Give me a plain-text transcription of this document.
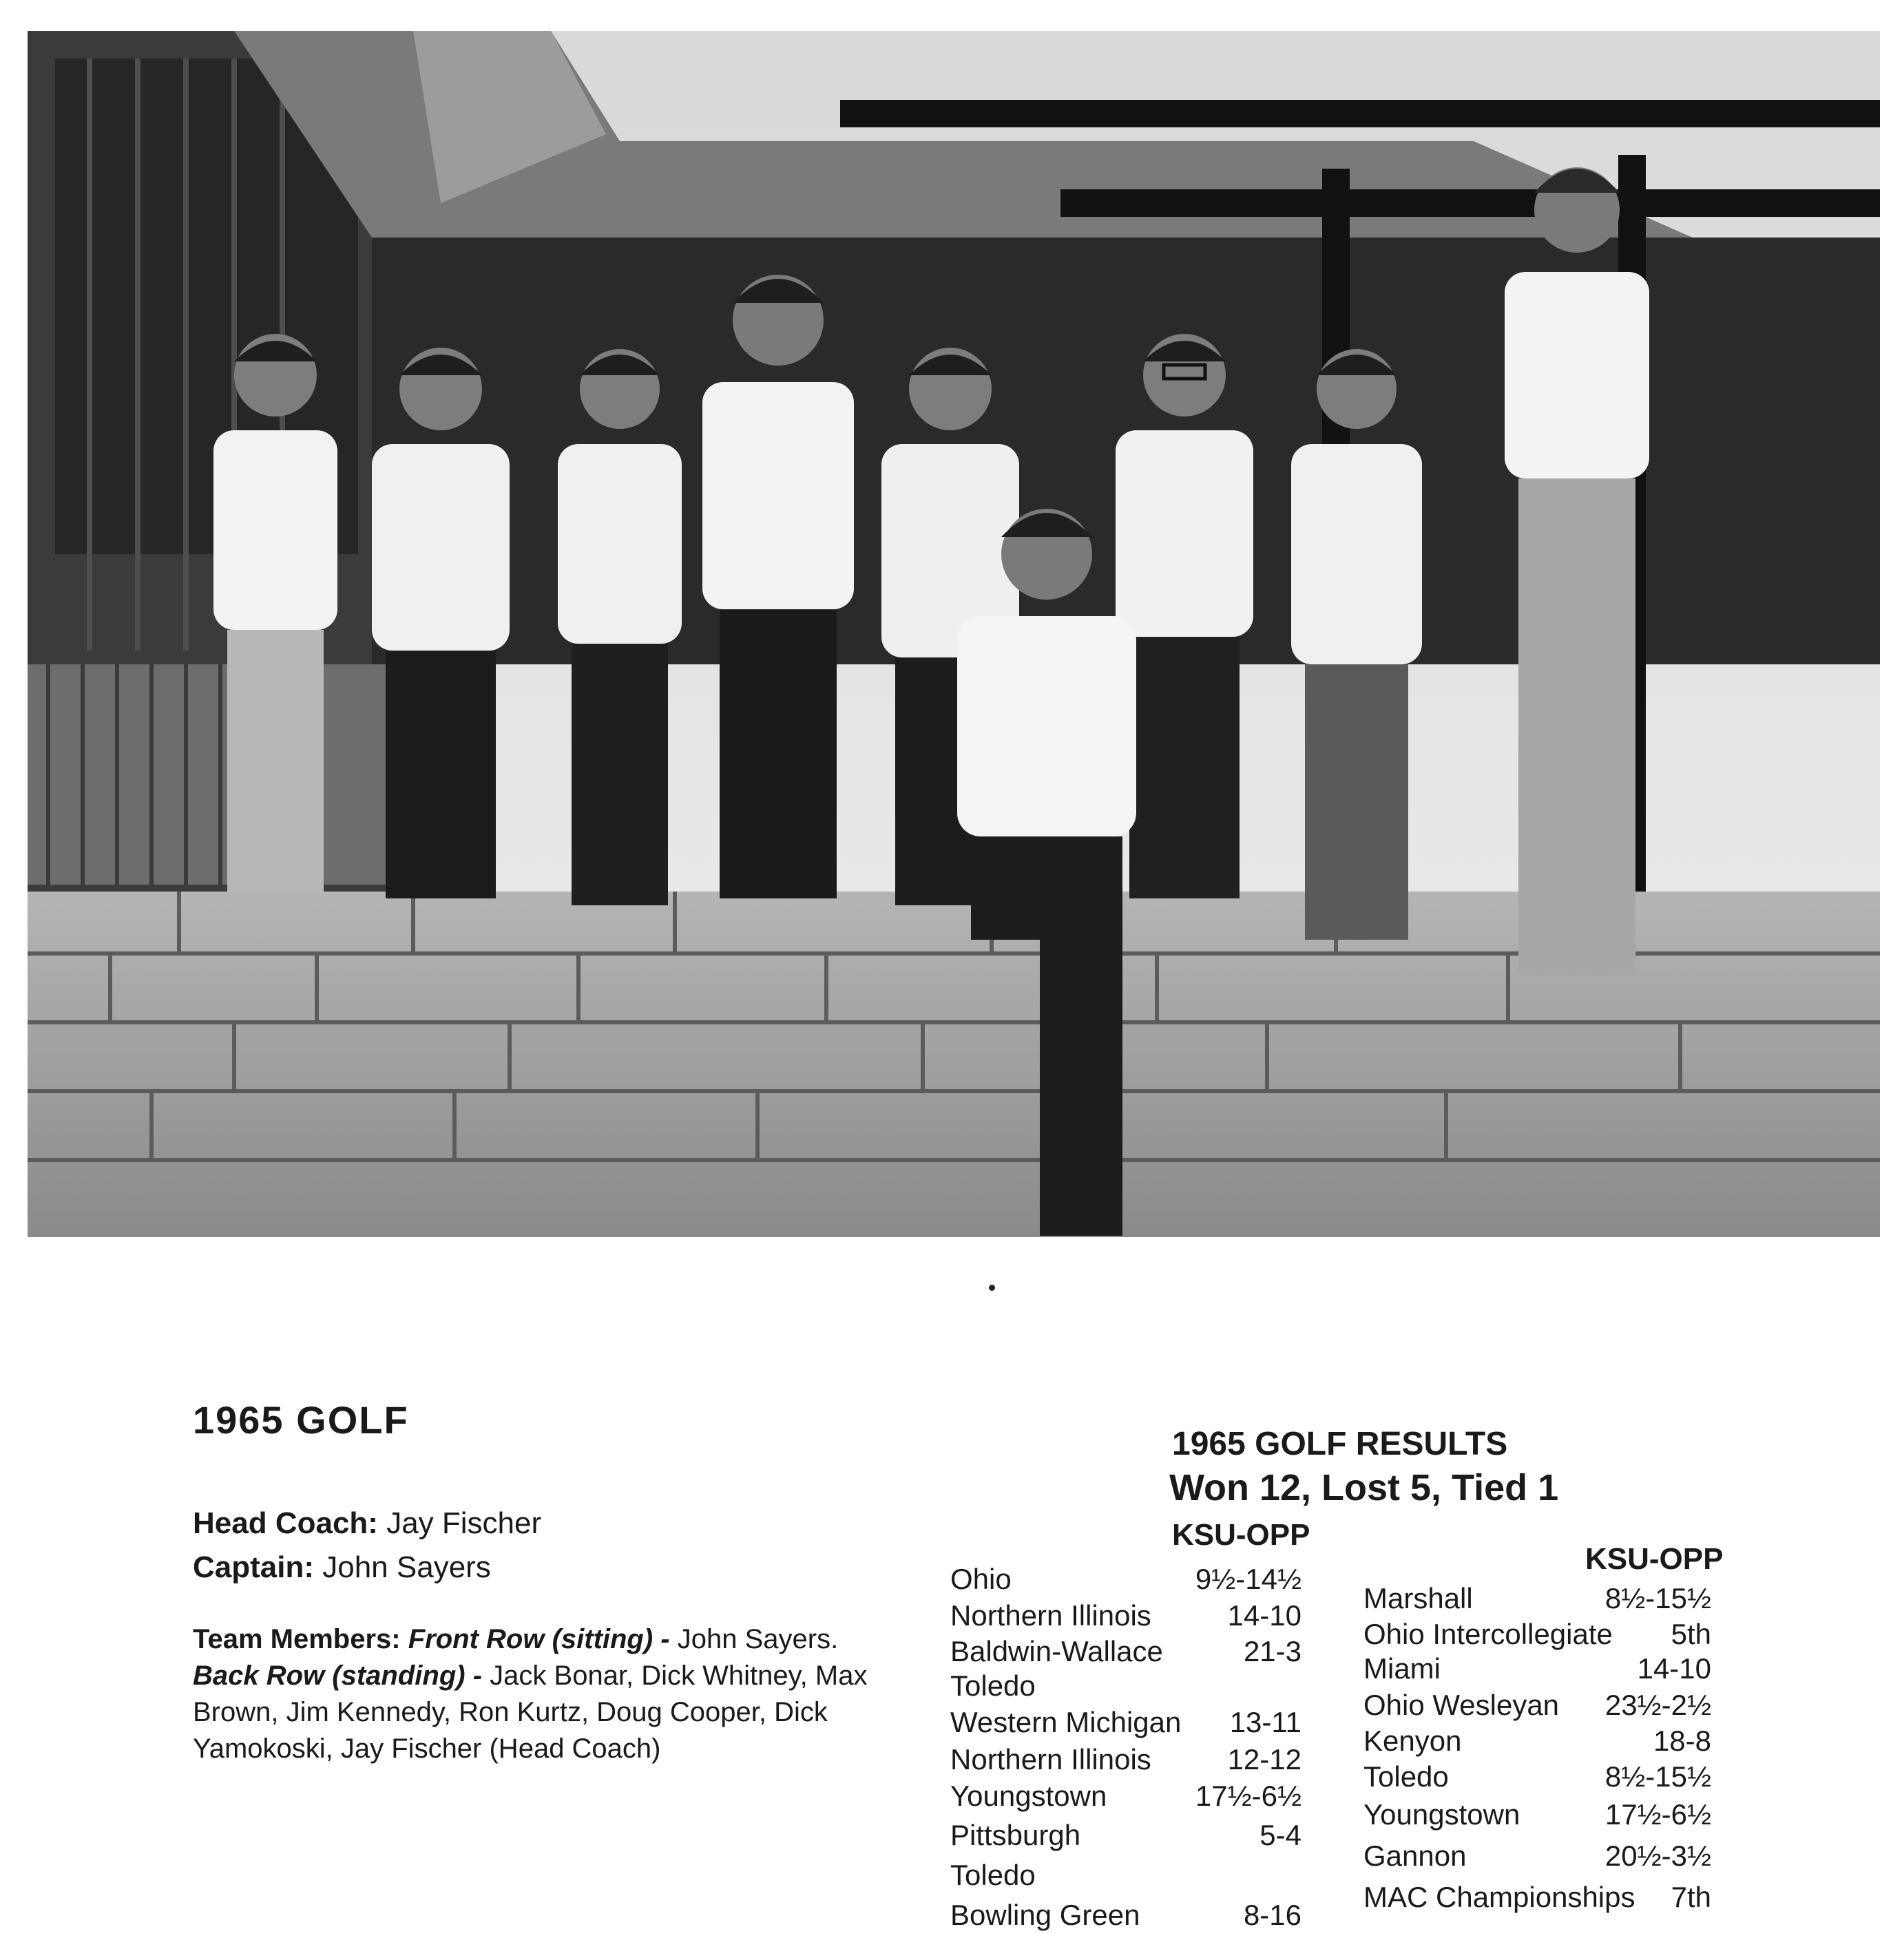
1965 GOLF
Head Coach: Jay Fischer
Captain: John Sayers
Team Members: Front Row (sitting) - John Sayers. Back Row (standing) - Jack Bonar, Dick Whitney, Max Brown, Jim Kennedy, Ron Kurtz, Doug Cooper, Dick Yamokoski, Jay Fischer (Head Coach)
1965 GOLF RESULTS
Won 12, Lost 5, Tied 1
KSU-OPP
KSU-OPP
Ohio	9½-14½
Northern Illinois	14-10
Baldwin-Wallace	21-3
Toledo
Western Michigan 13-11
Northern Illinois	12-12
Youngstown	17½-6½
Pittsburgh	5-4
Toledo
Bowling Green	8-16
Marshall	8½-15½
Ohio Intercollegiate 5th
Miami	14-10
Ohio Wesleyan 23½-2½
Kenyon	18-8
Toledo	8½-15½
Youngstown	17½-6½
Gannon	20½-3½
MAC Championships 7th
